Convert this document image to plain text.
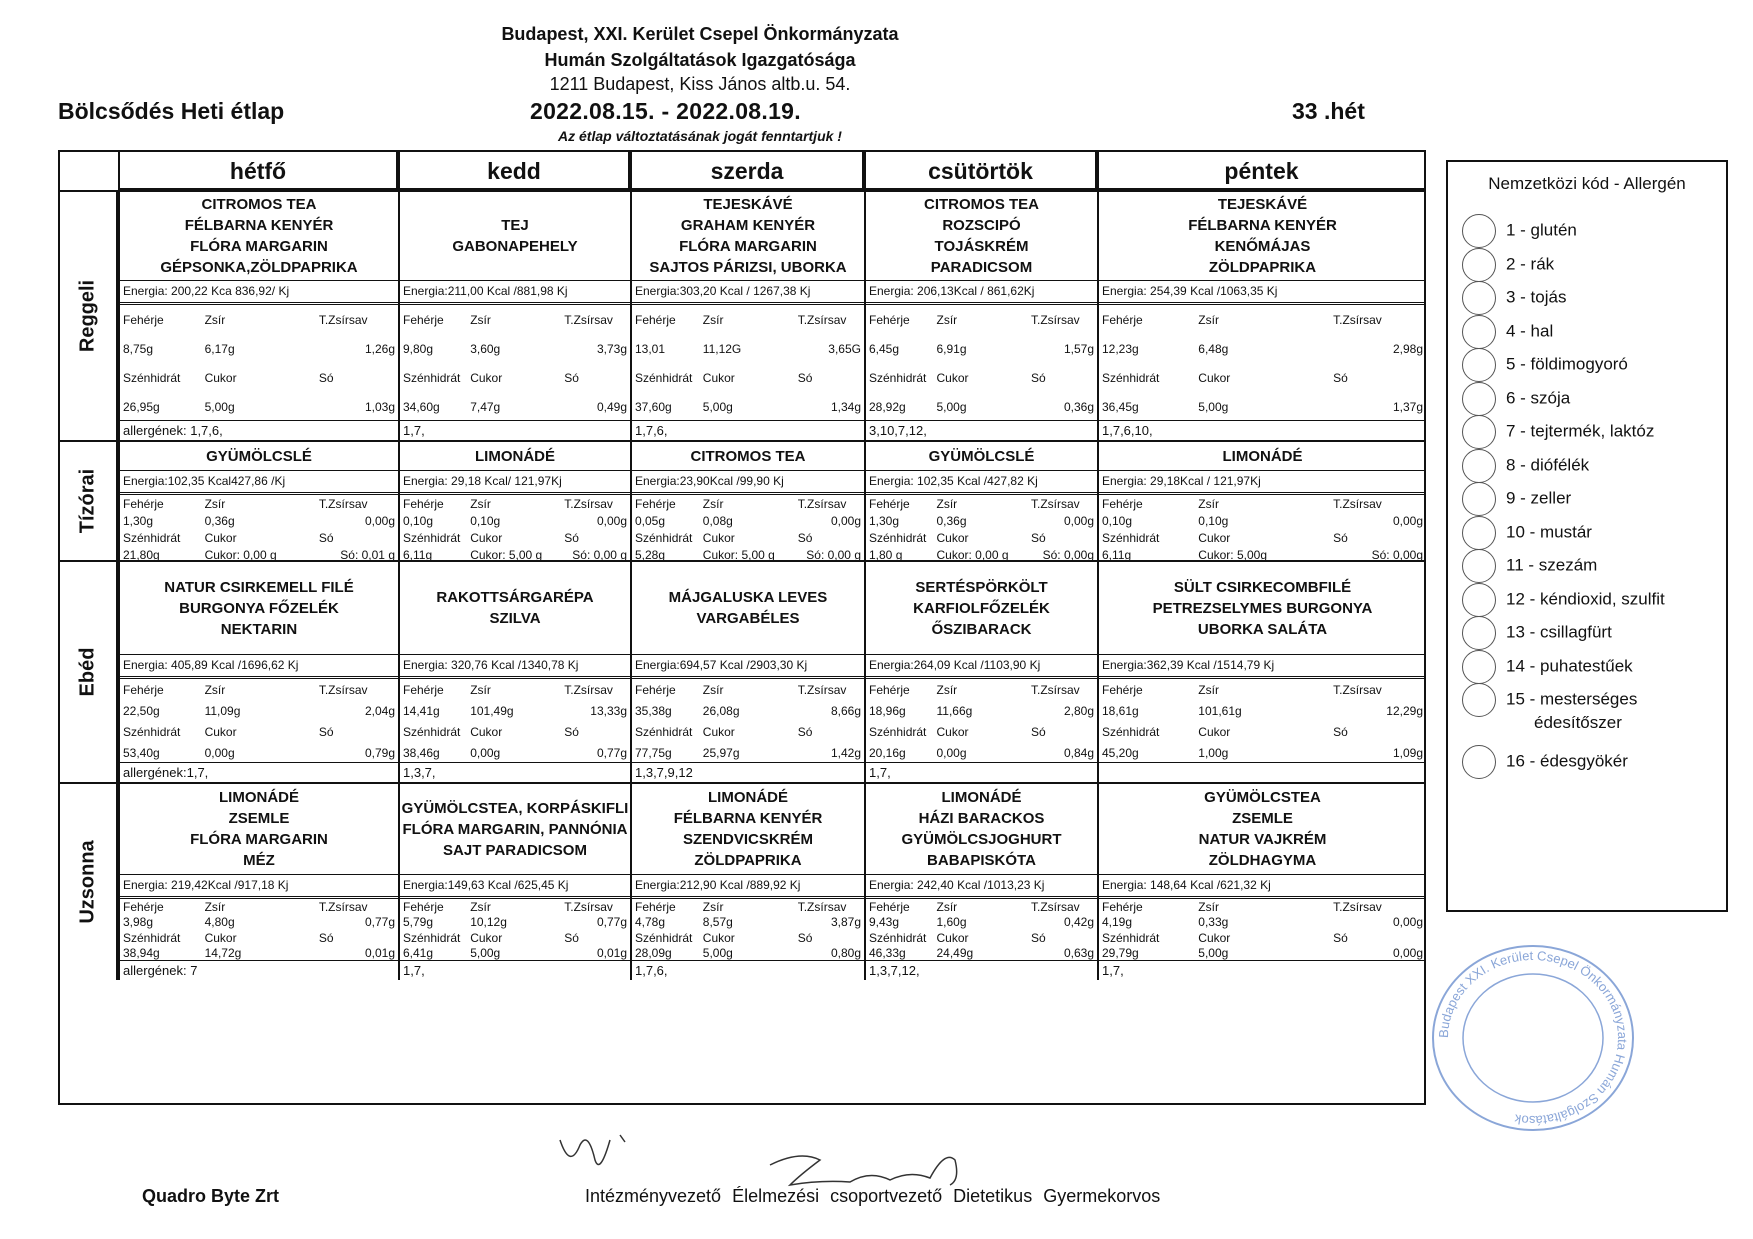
Budapest, XXI. Kerület Csepel Önkormányzata
Humán Szolgáltatások Igazgatósága
1211 Budapest, Kiss János altb.u. 54.
Bölcsődés Heti étlap	2022.08.15. - 2022.08.19.	33 .hét
Az étlap változtatásának jogát fenntartjuk !
hétfő	kedd	szerda	csütörtök	péntek
Reggeli
CITROMOS TEA
FÉLBARNA KENYÉR
FLÓRA MARGARIN
GÉPSONKA,ZÖLDPAPRIKA
Energia: 200,22 Kca 836,92/ Kj
Fehérje	Zsír	T.Zsírsav
8,75g	6,17g	1,26g
Szénhidrát Cukor	Só
26,95g	5,00g	1,03g
allergének: 1,7,6,
TEJ
GABONAPEHELY
Energia:211,00 Kcal /881,98 Kj
Fehérje Zsír	T.Zsírsav
9,80g	3,60g	3,73g
Szénhidrát Cukor	Só
34,60g	7,47g	0,49g
1,7,
TEJESKÁVÉ
GRAHAM KENYÉR
FLÓRA MARGARIN
SAJTOS PÁRIZSI, UBORKA
Energia:303,20 Kcal / 1267,38 Kj
Fehérje Zsír	T.Zsírsav
13,01	11,12G	3,65G
Szénhidrát Cukor	Só
37,60g	5,00g	1,34g
1,7,6,
CITROMOS TEA
ROZSCIPÓ
TOJÁSKRÉM
PARADICSOM
Energia: 206,13Kcal / 861,62Kj
Fehérje Zsír	T.Zsírsav
6,45g	6,91g	1,57g
Szénhidrát Cukor	Só
28,92g	5,00g	0,36g
3,10,7,12,
TEJESKÁVÉ
FÉLBARNA KENYÉR
KENŐMÁJAS
ZÖLDPAPRIKA
Energia: 254,39 Kcal /1063,35 Kj
Fehérje	Zsír	T.Zsírsav
12,23g	6,48g	2,98g
Szénhidrát	Cukor	Só
36,45g	5,00g	1,37g
1,7,6,10,
Tízórai
GYÜMÖLCSLÉ
Energia:102,35 Kcal427,86 /Kj
Fehérje	Zsír	T.Zsírsav
1,30g	0,36g	0,00g
Szénhidrát Cukor	Só
21,80g	Cukor: 0,00 g	Só: 0,01 g
LIMONÁDÉ
Energia: 29,18 Kcal/ 121,97Kj
Fehérje Zsír	T.Zsírsav
0,10g	0,10g	0,00g
Szénhidrát Cukor	Só
6,11g	Cukor: 5,00 g	Só: 0,00 g
CITROMOS TEA
Energia:23,90Kcal /99,90 Kj
Fehérje Zsír	T.Zsírsav
0,05g	0,08g	0,00g
Szénhidrát Cukor	Só
5,28g	Cukor: 5,00 g	Só: 0,00 g
GYÜMÖLCSLÉ
Energia: 102,35 Kcal /427,82 Kj
Fehérje Zsír	T.Zsírsav
1,30g	0,36g	0,00g
Szénhidrát Cukor	Só
1,80 g	Cukor: 0,00 g	Só: 0,00g
LIMONÁDÉ
Energia: 29,18Kcal / 121,97Kj
Fehérje	Zsír	T.Zsírsav
0,10g	0,10g	0,00g
Szénhidrát	Cukor	Só
6,11g	Cukor: 5,00g	Só: 0,00g
Ebéd
NATUR CSIRKEMELL FILÉ
BURGONYA FŐZELÉK
NEKTARIN
Energia: 405,89 Kcal /1696,62 Kj
Fehérje	Zsír	T.Zsírsav
22,50g	11,09g	2,04g
Szénhidrát Cukor	Só
53,40g	0,00g	0,79g
allergének:1,7,
RAKOTTSÁRGARÉPA
SZILVA
Energia: 320,76 Kcal /1340,78 Kj
Fehérje Zsír	T.Zsírsav
14,41g	101,49g	13,33g
Szénhidrát Cukor	Só
38,46g	0,00g	0,77g
1,3,7,
MÁJGALUSKA LEVES
VARGABÉLES
Energia:694,57 Kcal /2903,30 Kj
Fehérje Zsír	T.Zsírsav
35,38g	26,08g	8,66g
Szénhidrát Cukor	Só
77,75g	25,97g	1,42g
1,3,7,9,12
SERTÉSPÖRKÖLT
KARFIOLFŐZELÉK
ŐSZIBARACK
Energia:264,09 Kcal /1103,90 Kj
Fehérje Zsír	T.Zsírsav
18,96g	11,66g	2,80g
Szénhidrát Cukor	Só
20,16g	0,00g	0,84g
1,7,
SÜLT CSIRKECOMBFILÉ
PETREZSELYMES BURGONYA
UBORKA SALÁTA
Energia:362,39 Kcal /1514,79 Kj
Fehérje	Zsír	T.Zsírsav
18,61g	101,61g	12,29g
Szénhidrát	Cukor	Só
45,20g	1,00g	1,09g
Uzsonna
LIMONÁDÉ
ZSEMLE
FLÓRA MARGARIN
MÉZ
Energia: 219,42Kcal /917,18 Kj
Fehérje	Zsír	T.Zsírsav
3,98g	4,80g	0,77g
Szénhidrát Cukor	Só
38,94g	14,72g	0,01g
allergének: 7
GYÜMÖLCSTEA, KORPÁSKIFLI
FLÓRA MARGARIN, PANNÓNIA
SAJT PARADICSOM
Energia:149,63 Kcal /625,45 Kj
Fehérje Zsír	T.Zsírsav
5,79g	10,12g	0,77g
Szénhidrát Cukor	Só
6,41g	5,00g	0,01g
1,7,
LIMONÁDÉ
FÉLBARNA KENYÉR
SZENDVICSKRÉM
ZÖLDPAPRIKA
Energia:212,90 Kcal /889,92 Kj
Fehérje Zsír	T.Zsírsav
4,78g	8,57g	3,87g
Szénhidrát Cukor	Só
28,09g	5,00g	0,80g
1,7,6,
LIMONÁDÉ
HÁZI BARACKOS
GYÜMÖLCSJOGHURT
BABAPISKÓTA
Energia: 242,40 Kcal /1013,23 Kj
Fehérje Zsír	T.Zsírsav
9,43g	1,60g	0,42g
Szénhidrát Cukor	Só
46,33g	24,49g	0,63g
1,3,7,12,
GYÜMÖLCSTEA
ZSEMLE
NATUR VAJKRÉM
ZÖLDHAGYMA
Energia: 148,64 Kcal /621,32 Kj
Fehérje	Zsír	T.Zsírsav
4,19g	0,33g	0,00g
Szénhidrát	Cukor	Só
29,79g	5,00g	0,00g
1,7,
Nemzetközi kód - Allergén
1 - glutén
2 - rák
3 - tojás
4 - hal
5 - földimogyoró
6 - szója
7 - tejtermék, laktóz
8 - diófélék
9 - zeller
10 - mustár
11 - szezám
12 - kéndioxid, szulfit
13 - csillagfürt
14 - puhatestűek
15 - mesterséges
16 - édesgyökér
édesítőszer
Budapest XXI. Kerület Csepel Önkormányzata Humán Szolgáltatások
Quadro Byte Zrt	Intézményvezető Élelmezési csoportvezető Dietetikus Gyermekorvos
